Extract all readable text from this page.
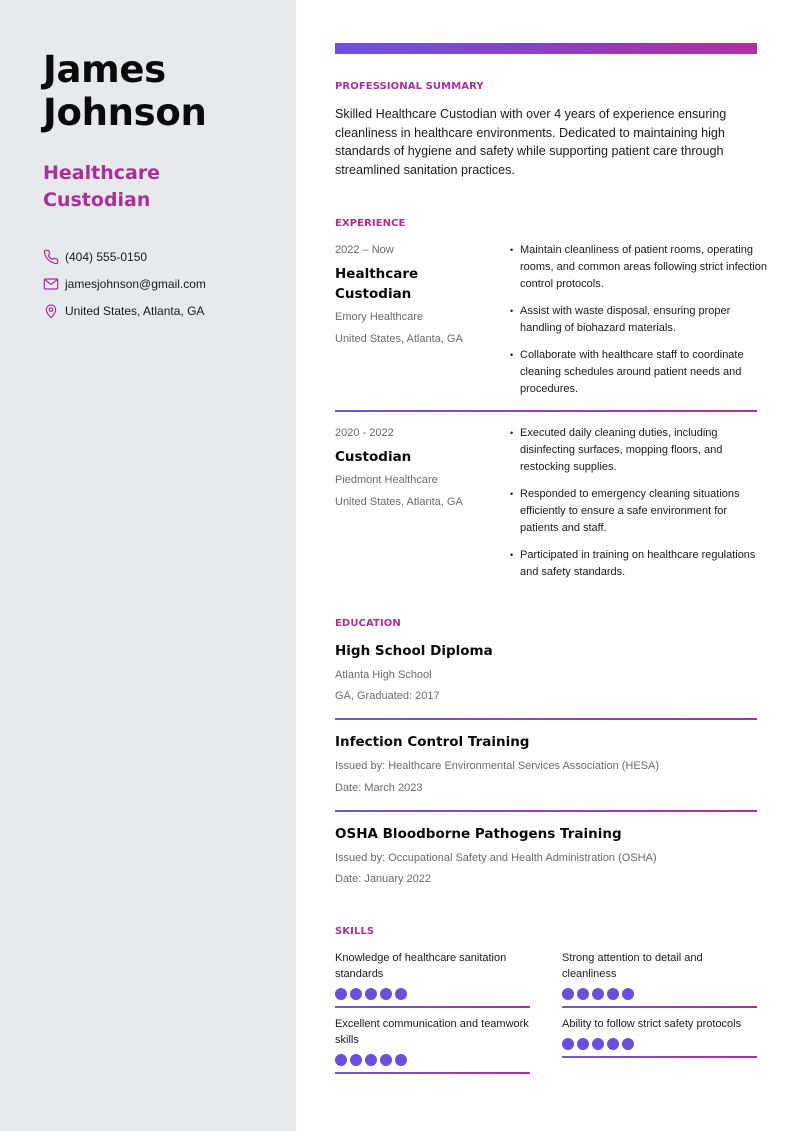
James
Johnson
Healthcare
Custodian
(404) 555-0150
jamesjohnson@gmail.com
United States, Atlanta, GA
PROFESSIONAL SUMMARY

Skilled Healthcare Custodian with over 4 years of experience ensuring cleanliness in healthcare environments. Dedicated to maintaining high standards of hygiene and safety while supporting patient care through streamlined sanitation practices.

EXPERIENCE
2022 – Now
Healthcare Custodian
Emory Healthcare
United States, Atlanta, GA
• Maintain cleanliness of patient rooms, operating rooms, and common areas following strict infection control protocols.
• Assist with waste disposal, ensuring proper handling of biohazard materials.
• Collaborate with healthcare staff to coordinate cleaning schedules around patient needs and procedures.
2020 - 2022
Custodian
Piedmont Healthcare
United States, Atlanta, GA
• Executed daily cleaning duties, including disinfecting surfaces, mopping floors, and restocking supplies.
• Responded to emergency cleaning situations efficiently to ensure a safe environment for patients and staff.
• Participated in training on healthcare regulations and safety standards.
EDUCATION
High School Diploma
Atlanta High School
GA, Graduated: 2017
Infection Control Training
Issued by: Healthcare Environmental Services Association (HESA)
Date: March 2023
OSHA Bloodborne Pathogens Training
Issued by: Occupational Safety and Health Administration (OSHA)
Date: January 2022
SKILLS
Knowledge of healthcare sanitation standards
Strong attention to detail and cleanliness
Excellent communication and teamwork skills
Ability to follow strict safety protocols
